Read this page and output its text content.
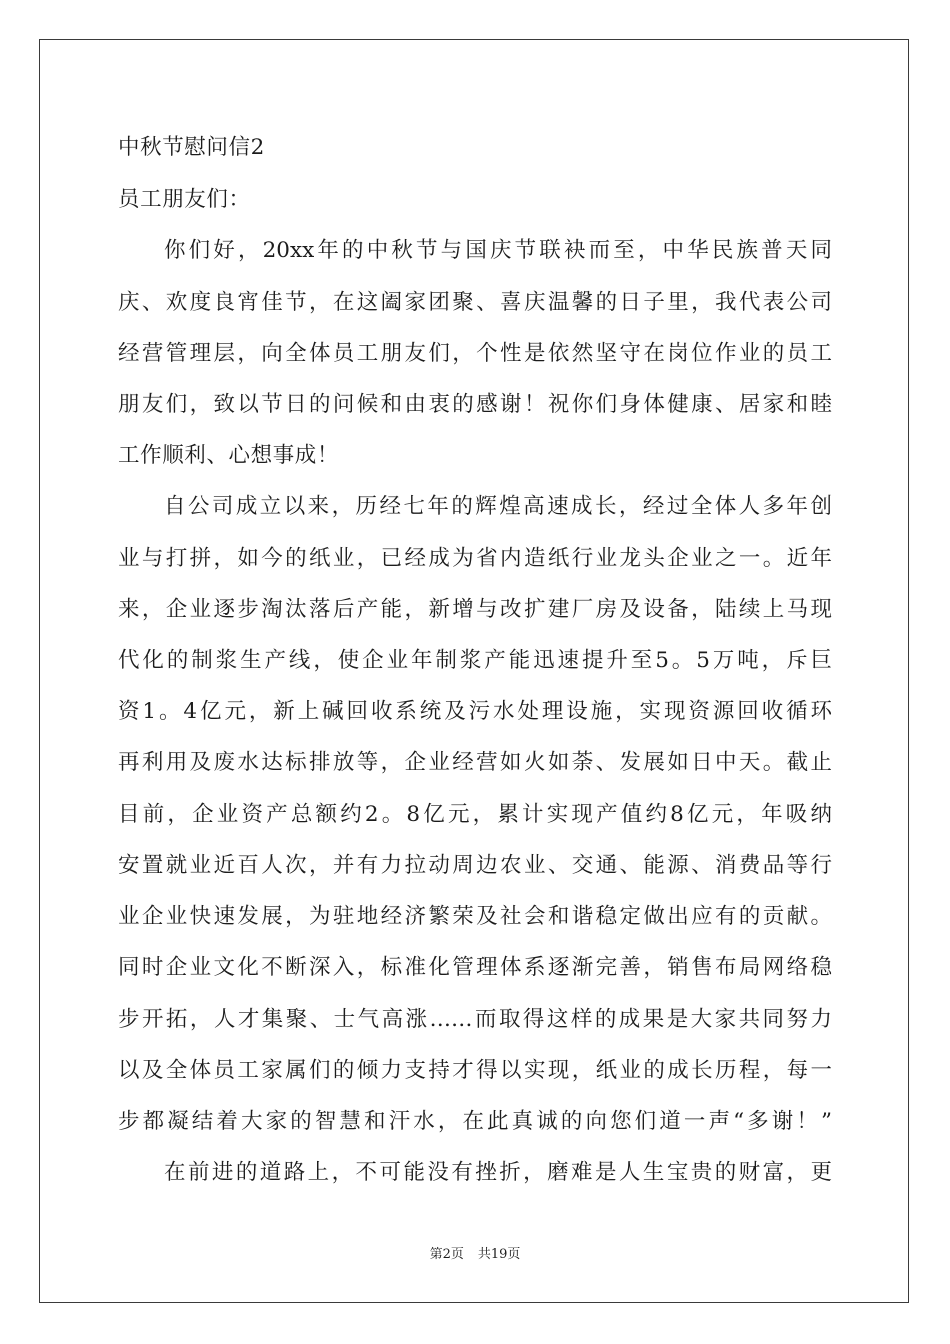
中秋节慰问信2
员工朋友们：
你们好，20xx年的中秋节与国庆节联袂而至，中华民族普天同
庆、欢度良宵佳节，在这阖家团聚、喜庆温馨的日子里，我代表公司
经营管理层，向全体员工朋友们，个性是依然坚守在岗位作业的员工
朋友们，致以节日的问候和由衷的感谢！祝你们身体健康、居家和睦
工作顺利、心想事成！
自公司成立以来，历经七年的辉煌高速成长，经过全体人多年创
业与打拼，如今的纸业，已经成为省内造纸行业龙头企业之一。近年
来，企业逐步淘汰落后产能，新增与改扩建厂房及设备，陆续上马现
代化的制浆生产线，使企业年制浆产能迅速提升至5。5万吨，斥巨
资1。4亿元，新上碱回收系统及污水处理设施，实现资源回收循环
再利用及废水达标排放等，企业经营如火如荼、发展如日中天。截止
目前，企业资产总额约2。8亿元，累计实现产值约8亿元，年吸纳
安置就业近百人次，并有力拉动周边农业、交通、能源、消费品等行
业企业快速发展，为驻地经济繁荣及社会和谐稳定做出应有的贡献。
同时企业文化不断深入，标准化管理体系逐渐完善，销售布局网络稳
步开拓，人才集聚、士气高涨……而取得这样的成果是大家共同努力
以及全体员工家属们的倾力支持才得以实现，纸业的成长历程，每一
步都凝结着大家的智慧和汗水，在此真诚的向您们道一声“多谢！”
在前进的道路上，不可能没有挫折，磨难是人生宝贵的财富，更
第2页 共19页
